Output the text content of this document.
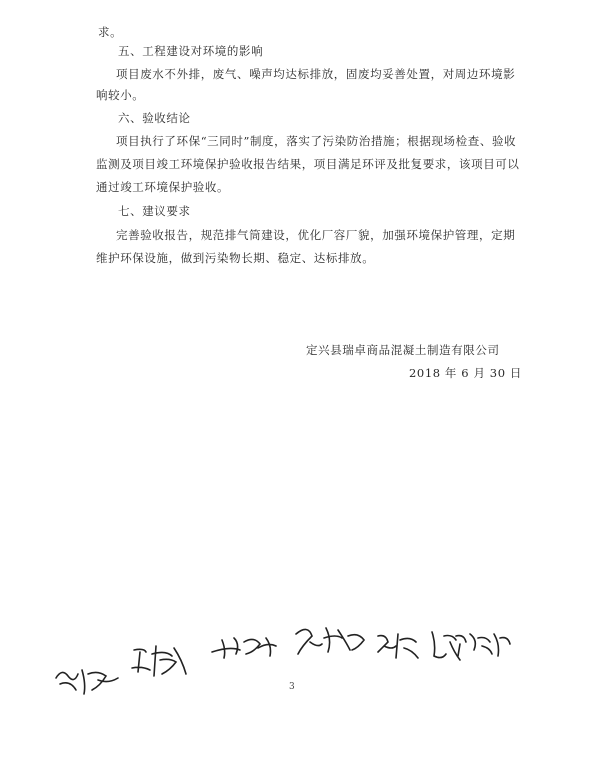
求。
五、工程建设对环境的影响
项目废水不外排，废气、噪声均达标排放，固废均妥善处置，对周边环境影
响较小。
六、验收结论
项目执行了环保“三同时”制度，落实了污染防治措施；根据现场检查、验收
监测及项目竣工环境保护验收报告结果，项目满足环评及批复要求，该项目可以
通过竣工环境保护验收。
七、建议要求
完善验收报告，规范排气筒建设，优化厂容厂貌，加强环境保护管理，定期
维护环保设施，做到污染物长期、稳定、达标排放。
定兴县瑞卓商品混凝土制造有限公司
2018 年 6 月 30 日
3
